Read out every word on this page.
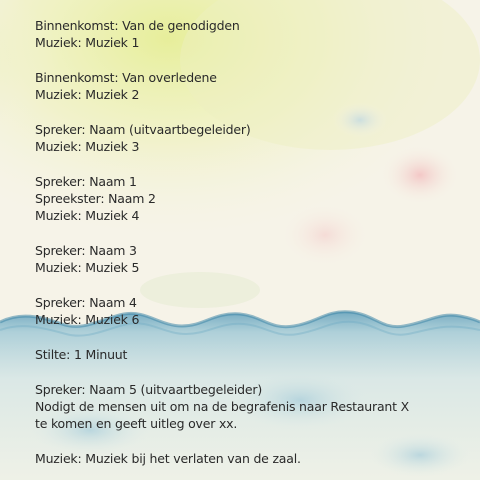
Binnenkomst: Van de genodigden
Muziek: Muziek 1
Binnenkomst: Van overledene
Muziek: Muziek 2
Spreker: Naam (uitvaartbegeleider)
Muziek: Muziek 3
Spreker: Naam 1
Spreekster: Naam 2
Muziek: Muziek 4
Spreker: Naam 3
Muziek: Muziek 5
Spreker: Naam 4
Muziek: Muziek 6
Stilte: 1 Minuut
Spreker: Naam 5 (uitvaartbegeleider)
Nodigt de mensen uit om na de begrafenis naar Restaurant X
te komen en geeft uitleg over xx.
Muziek: Muziek bij het verlaten van de zaal.
